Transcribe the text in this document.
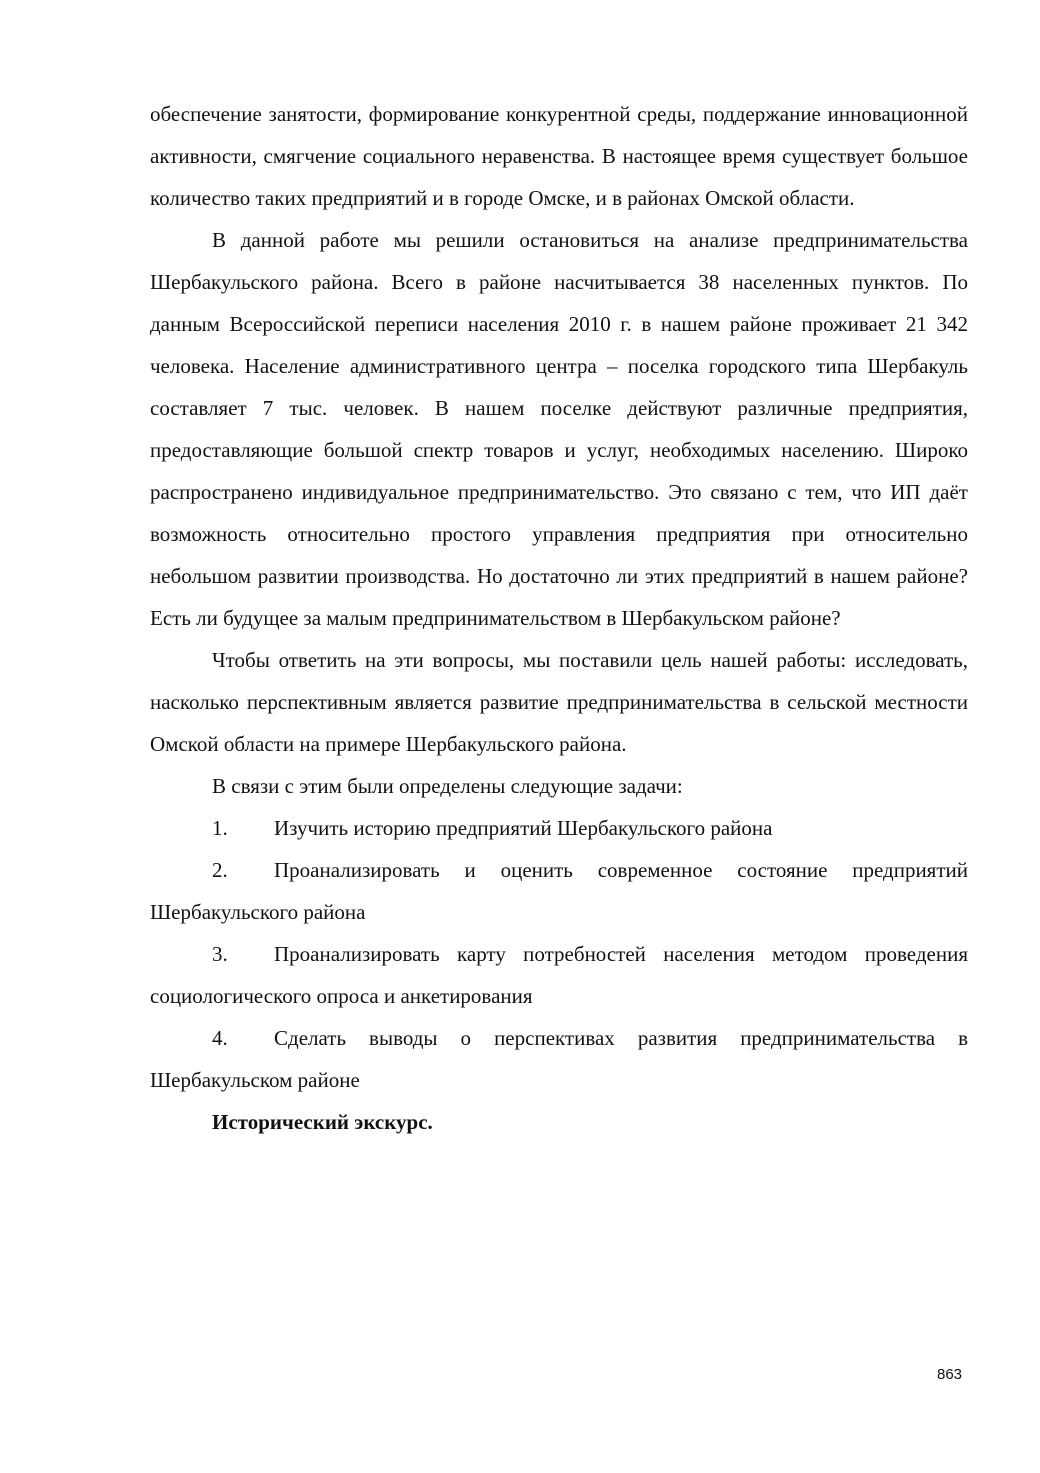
обеспечение занятости, формирование конкурентной среды, поддержание инновационной активности, смягчение социального неравенства. В настоящее время существует большое количество таких предприятий и в городе Омске, и в районах Омской области.

В данной работе мы решили остановиться на анализе предпринимательства Шербакульского района. Всего в районе насчитывается 38 населенных пунктов. По данным Всероссийской переписи населения 2010 г. в нашем районе проживает 21 342 человека. Население административного центра – поселка городского типа Шербакуль составляет 7 тыс. человек. В нашем поселке действуют различные предприятия, предоставляющие большой спектр товаров и услуг, необходимых населению. Широко распространено индивидуальное предпринимательство. Это связано с тем, что ИП даёт возможность относительно простого управления предприятия при относительно небольшом развитии производства. Но достаточно ли этих предприятий в нашем районе? Есть ли будущее за малым предпринимательством в Шербакульском районе?

Чтобы ответить на эти вопросы, мы поставили цель нашей работы: исследовать, насколько перспективным является развитие предпринимательства в сельской местности Омской области на примере Шербакульского района.

В связи с этим были определены следующие задачи:

1. Изучить историю предприятий Шербакульского района

2. Проанализировать и оценить современное состояние предприятий Шербакульского района

3. Проанализировать карту потребностей населения методом проведения социологического опроса и анкетирования

4. Сделать выводы о перспективах развития предпринимательства в Шербакульском районе

Исторический экскурс.

863
